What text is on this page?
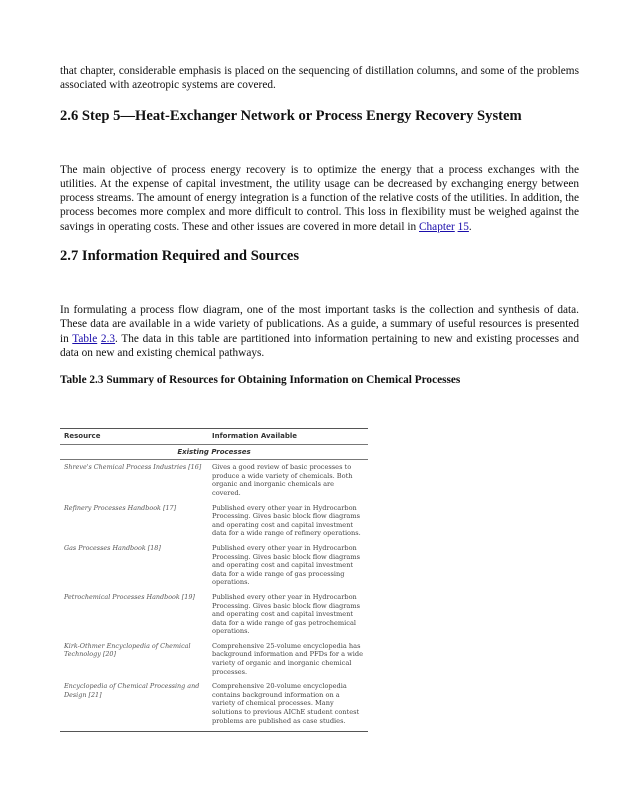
that chapter, considerable emphasis is placed on the sequencing of distillation columns, and some of the problems associated with azeotropic systems are covered.

2.6 Step 5—Heat-Exchanger Network or Process Energy Recovery System

The main objective of process energy recovery is to optimize the energy that a process exchanges with the utilities. At the expense of capital investment, the utility usage can be decreased by exchanging energy between process streams. The amount of energy integration is a function of the relative costs of the utilities. In addition, the process becomes more complex and more difficult to control. This loss in flexibility must be weighed against the savings in operating costs. These and other issues are covered in more detail in Chapter 15.

2.7 Information Required and Sources

In formulating a process flow diagram, one of the most important tasks is the collection and synthesis of data. These data are available in a wide variety of publications. As a guide, a summary of useful resources is presented in Table 2.3. The data in this table are partitioned into information pertaining to new and existing processes and data on new and existing chemical pathways.

Table 2.3 Summary of Resources for Obtaining Information on Chemical Processes

Resource	Information Available
Existing Processes	
Shreve's Chemical Process Industries [16]	Gives a good review of basic processes to produce a wide variety of chemicals. Both organic and inorganic chemicals are covered.
Refinery Processes Handbook [17]	Published every other year in Hydrocarbon Processing. Gives basic block flow diagrams and operating cost and capital investment data for a wide range of refinery operations.
Gas Processes Handbook [18]	Published every other year in Hydrocarbon Processing. Gives basic block flow diagrams and operating cost and capital investment data for a wide range of gas processing operations.
Petrochemical Processes Handbook [19]	Published every other year in Hydrocarbon Processing. Gives basic block flow diagrams and operating cost and capital investment data for a wide range of gas petrochemical operations.
Kirk-Othmer Encyclopedia of Chemical Technology [20]	Comprehensive 25-volume encyclopedia has background information and PFDs for a wide variety of organic and inorganic chemical processes.
Encyclopedia of Chemical Processing and Design [21]	Comprehensive 20-volume encyclopedia contains background information on a variety of chemical processes. Many solutions to previous AIChE student contest problems are published as case studies.
